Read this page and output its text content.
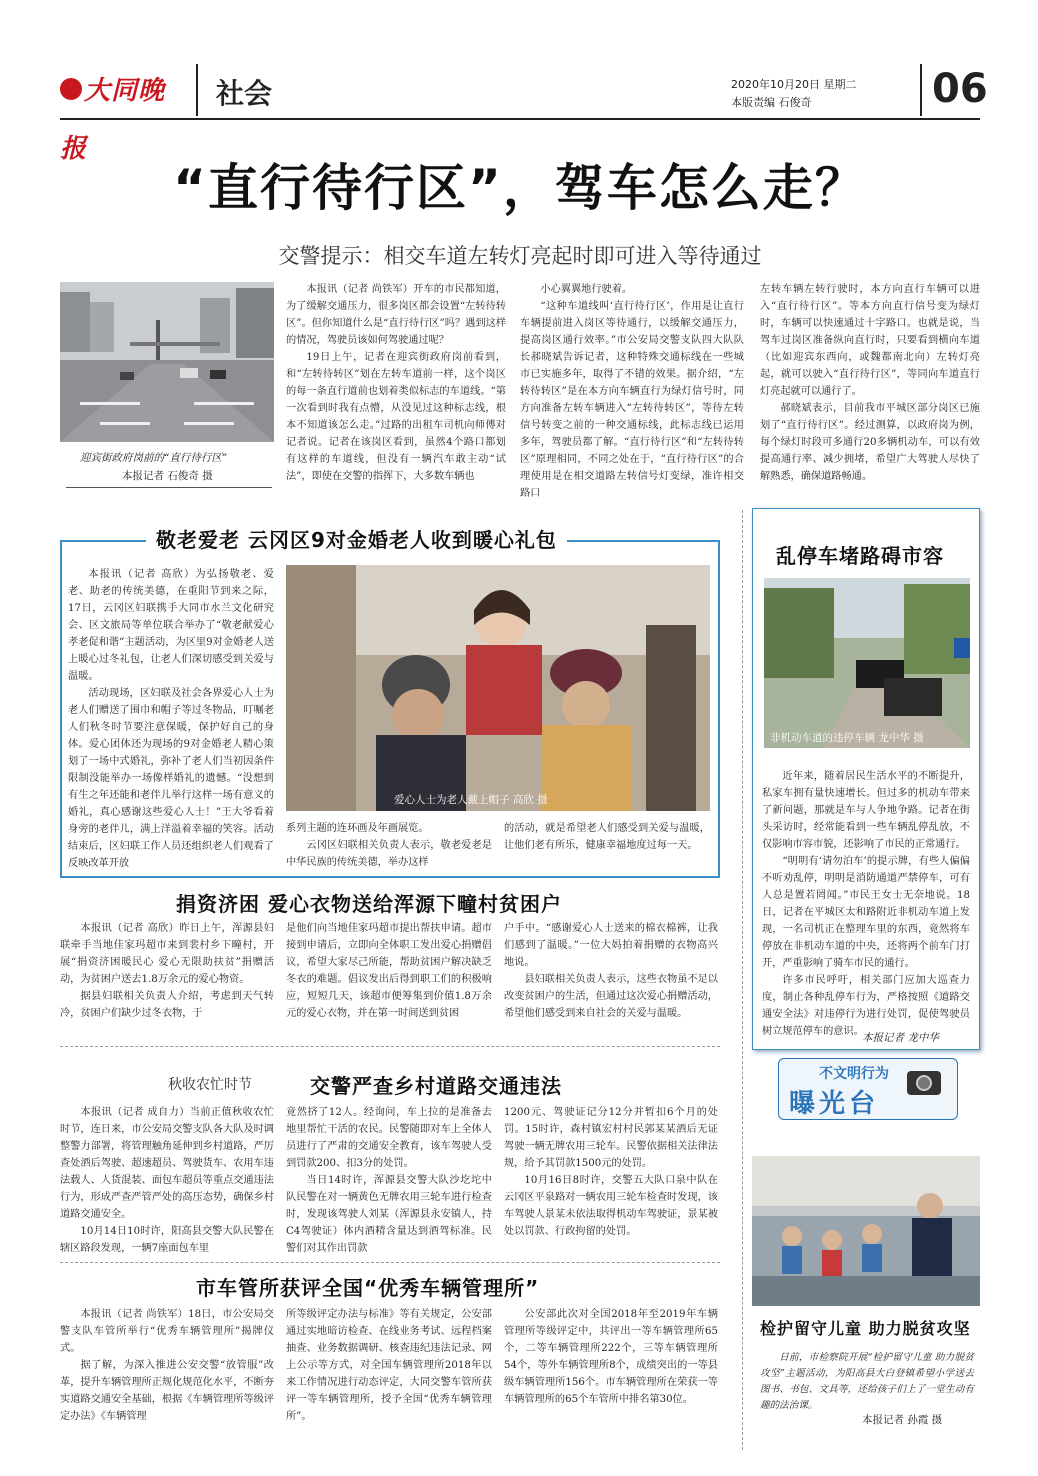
大同晚报
社会	2020年10月20日 星期二
本版责编 石俊奇	06
“直行待行区”，驾车怎么走？
交警提示：相交车道左转灯亮起时即可进入等待通过
迎宾街政府岗前的“直行待行区”
本报记者 石俊奇 摄

本报讯（记者 尚铁军）开车的市民都知道，为了缓解交通压力，很多岗区都会设置“左转待转区”。但你知道什么是“直行待行区”吗？遇到这样的情况，驾驶员该如何驾驶通过呢？

19日上午，记者在迎宾街政府岗前看到，和“左转待转区”划在左转车道前一样，这个岗区的每一条直行道前也划着类似标志的车道线。“第一次看到时我有点懵，从没见过这种标志线，根本不知道该怎么走。”过路的出租车司机向师傅对记者说。记者在该岗区看到，虽然4个路口都划有这样的车道线，但没有一辆汽车敢主动“试法”，即使在交警的指挥下，大多数车辆也

小心翼翼地行驶着。

“这种车道线叫‘直行待行区’，作用是让直行车辆提前进入岗区等待通行，以缓解交通压力，提高岗区通行效率。”市公安局交警支队四大队队长郝晓斌告诉记者，这种特殊交通标线在一些城市已实施多年，取得了不错的效果。据介绍，“左转待转区”是在本方向车辆直行为绿灯信号时，同方向准备左转车辆进入“左转待转区”，等待左转信号转变之前的一种交通标线，此标志线已运用多年，驾驶员都了解。“直行待行区”和“左转待转区”原理相同，不同之处在于，“直行待行区”的合理使用是在相交道路左转信号灯变绿，准许相交路口

左转车辆左转行驶时，本方向直行车辆可以进入“直行待行区”。等本方向直行信号变为绿灯时，车辆可以快速通过十字路口。也就是说，当驾车过岗区准备纵向直行时，只要看到横向车道（比如迎宾东西向，或魏都南北向）左转灯亮起，就可以驶入“直行待行区”，等同向车道直行灯亮起就可以通行了。

郝晓斌表示，目前我市平城区部分岗区已施划了“直行待行区”。经过测算，以政府岗为例，每个绿灯时段可多通行20多辆机动车，可以有效提高通行率、减少拥堵，希望广大驾驶人尽快了解熟悉，确保道路畅通。

敬老爱老 云冈区9对金婚老人收到暖心礼包

本报讯（记者 高欣）为弘扬敬老、爱老、助老的传统美德，在重阳节到来之际，17日，云冈区妇联携手大同市水兰文化研究会、区文旅局等单位联合举办了“敬老献爱心 孝老促和谐”主题活动，为区里9对金婚老人送上暖心过冬礼包，让老人们深切感受到关爱与温暖。

活动现场，区妇联及社会各界爱心人士为老人们赠送了围巾和帽子等过冬物品，叮嘱老人们秋冬时节要注意保暖，保护好自己的身体。爱心团体还为现场的9对金婚老人精心策划了一场中式婚礼，弥补了老人们当初因条件限制没能举办一场像样婚礼的遗憾。“没想到有生之年还能和老伴儿举行这样一场有意义的婚礼，真心感谢这些爱心人士！”王大爷看着身旁的老伴儿，满上洋溢着幸福的笑容。活动结束后，区妇联工作人员还组织老人们观看了反映改革开放

爱心人士为老人戴上帽子 高欣 摄

系列主题的连环画及年画展览。

云冈区妇联相关负责人表示，敬老爱老是中华民族的传统美德，举办这样

的活动，就是希望老人们感受到关爱与温暖，让他们老有所乐，健康幸福地度过每一天。

捐资济困 爱心衣物送给浑源下疃村贫困户

本报讯（记者 高欣）昨日上午，浑源县妇联牵手当地佳家玛超市来到裴村乡下疃村，开展“捐资济困暖民心 爱心无限助扶贫”捐赠活动，为贫困户送去1.8万余元的爱心物资。

据县妇联相关负责人介绍，考虑到天气转冷，贫困户们缺少过冬衣物，于

是他们向当地佳家玛超市提出帮扶申请。超市接到申请后，立即向全体职工发出爱心捐赠倡议，希望大家尽己所能，帮助贫困户解决缺乏冬衣的难题。倡议发出后得到职工们的积极响应，短短几天，该超市便筹集到价值1.8万余元的爱心衣物，并在第一时间送到贫困

户手中。“感谢爱心人士送来的棉衣棉裤，让我们感到了温暖。”一位大妈拍着捐赠的衣物高兴地说。

县妇联相关负责人表示，这些衣物虽不足以改变贫困户的生活，但通过这次爱心捐赠活动，希望他们感受到来自社会的关爱与温暖。

秋收农忙时节	交警严查乡村道路交通违法

本报讯（记者 成自力）当前正值秋收农忙时节，连日来，市公安局交警支队各大队及时调整警力部署，将管理触角延伸到乡村道路，严厉查处酒后驾驶、超速超员、驾驶货车、农用车违法载人、人货混装、面包车超员等重点交通违法行为，形成严查严管严处的高压态势，确保乡村道路交通安全。

10月14日10时许，阳高县交警大队民警在辖区路段发现，一辆7座面包车里

竟然挤了12人。经询问，车上拉的是准备去地里帮忙干活的农民。民警随即对车上全体人员进行了严肃的交通安全教育，该车驾驶人受到罚款200、扣3分的处罚。

当日14时许，浑源县交警大队沙圪坨中队民警在对一辆黄色无牌农用三轮车进行检查时，发现该驾驶人刘某（浑源县永安镇人，持C4驾驶证）体内酒精含量达到酒驾标准。民警们对其作出罚款

1200元、驾驶证记分12分并暂扣6个月的处罚。15时许，森村镇宏村村民郭某某酒后无证驾驶一辆无牌农用三轮车。民警依据相关法律法规，给予其罚款1500元的处罚。

10月16日8时许，交警五大队口泉中队在云冈区平泉路对一辆农用三轮车检查时发现，该车驾驶人景某未依法取得机动车驾驶证，景某被处以罚款、行政拘留的处罚。

市车管所获评全国“优秀车辆管理所”

本报讯（记者 尚铁军）18日，市公安局交警支队车管所举行“优秀车辆管理所”揭牌仪式。

据了解，为深入推进公安交警“放管服”改革，提升车辆管理所正规化规范化水平，不断夯实道路交通安全基础，根据《车辆管理所等级评定办法》《车辆管理

所等级评定办法与标准》等有关规定，公安部通过实地暗访检查、在线业务考试、远程档案抽查、业务数据调研、核查违纪违法记录、网上公示等方式，对全国车辆管理所2018年以来工作情况进行动态评定，大同交警车管所获评一等车辆管理所，授予全国“优秀车辆管理所”。

公安部此次对全国2018年至2019年车辆管理所等级评定中，共评出一等车辆管理所65个，二等车辆管理所222个，三等车辆管理所54个，等外车辆管理所8个，成绩突出的一等县级车辆管理所156个。市车辆管理所在荣获一等车辆管理所的65个车管所中排名第30位。

乱停车堵路碍市容
非机动车道的违停车辆 龙中华 摄

近年来，随着居民生活水平的不断提升，私家车拥有量快速增长。但过多的机动车带来了新问题，那就是车与人争地争路。记者在街头采访时，经常能看到一些车辆乱停乱放，不仅影响市容市貌，还影响了市民的正常通行。

“明明有‘请勿泊车’的提示牌，有些人偏偏不听劝乱停，明明是消防通道严禁停车，可有人总是置若罔闻。”市民王女士无奈地说。18日，记者在平城区太和路附近非机动车道上发现，一名司机正在整理车里的东西，竟然将车停放在非机动车道的中央，还将两个前车门打开，严重影响了骑车市民的通行。

许多市民呼吁，相关部门应加大巡查力度，制止各种乱停车行为，严格按照《道路交通安全法》对违停行为进行处罚，促使驾驶员树立规范停车的意识。

本报记者 龙中华
不文明行为
曝光台
检护留守儿童 助力脱贫攻坚

日前，市检察院开展“检护留守儿童 助力脱贫攻坚”主题活动，为阳高县大白登镇希望小学送去图书、书包、文具等，还给孩子们上了一堂生动有趣的法治课。

本报记者 孙霞 摄
